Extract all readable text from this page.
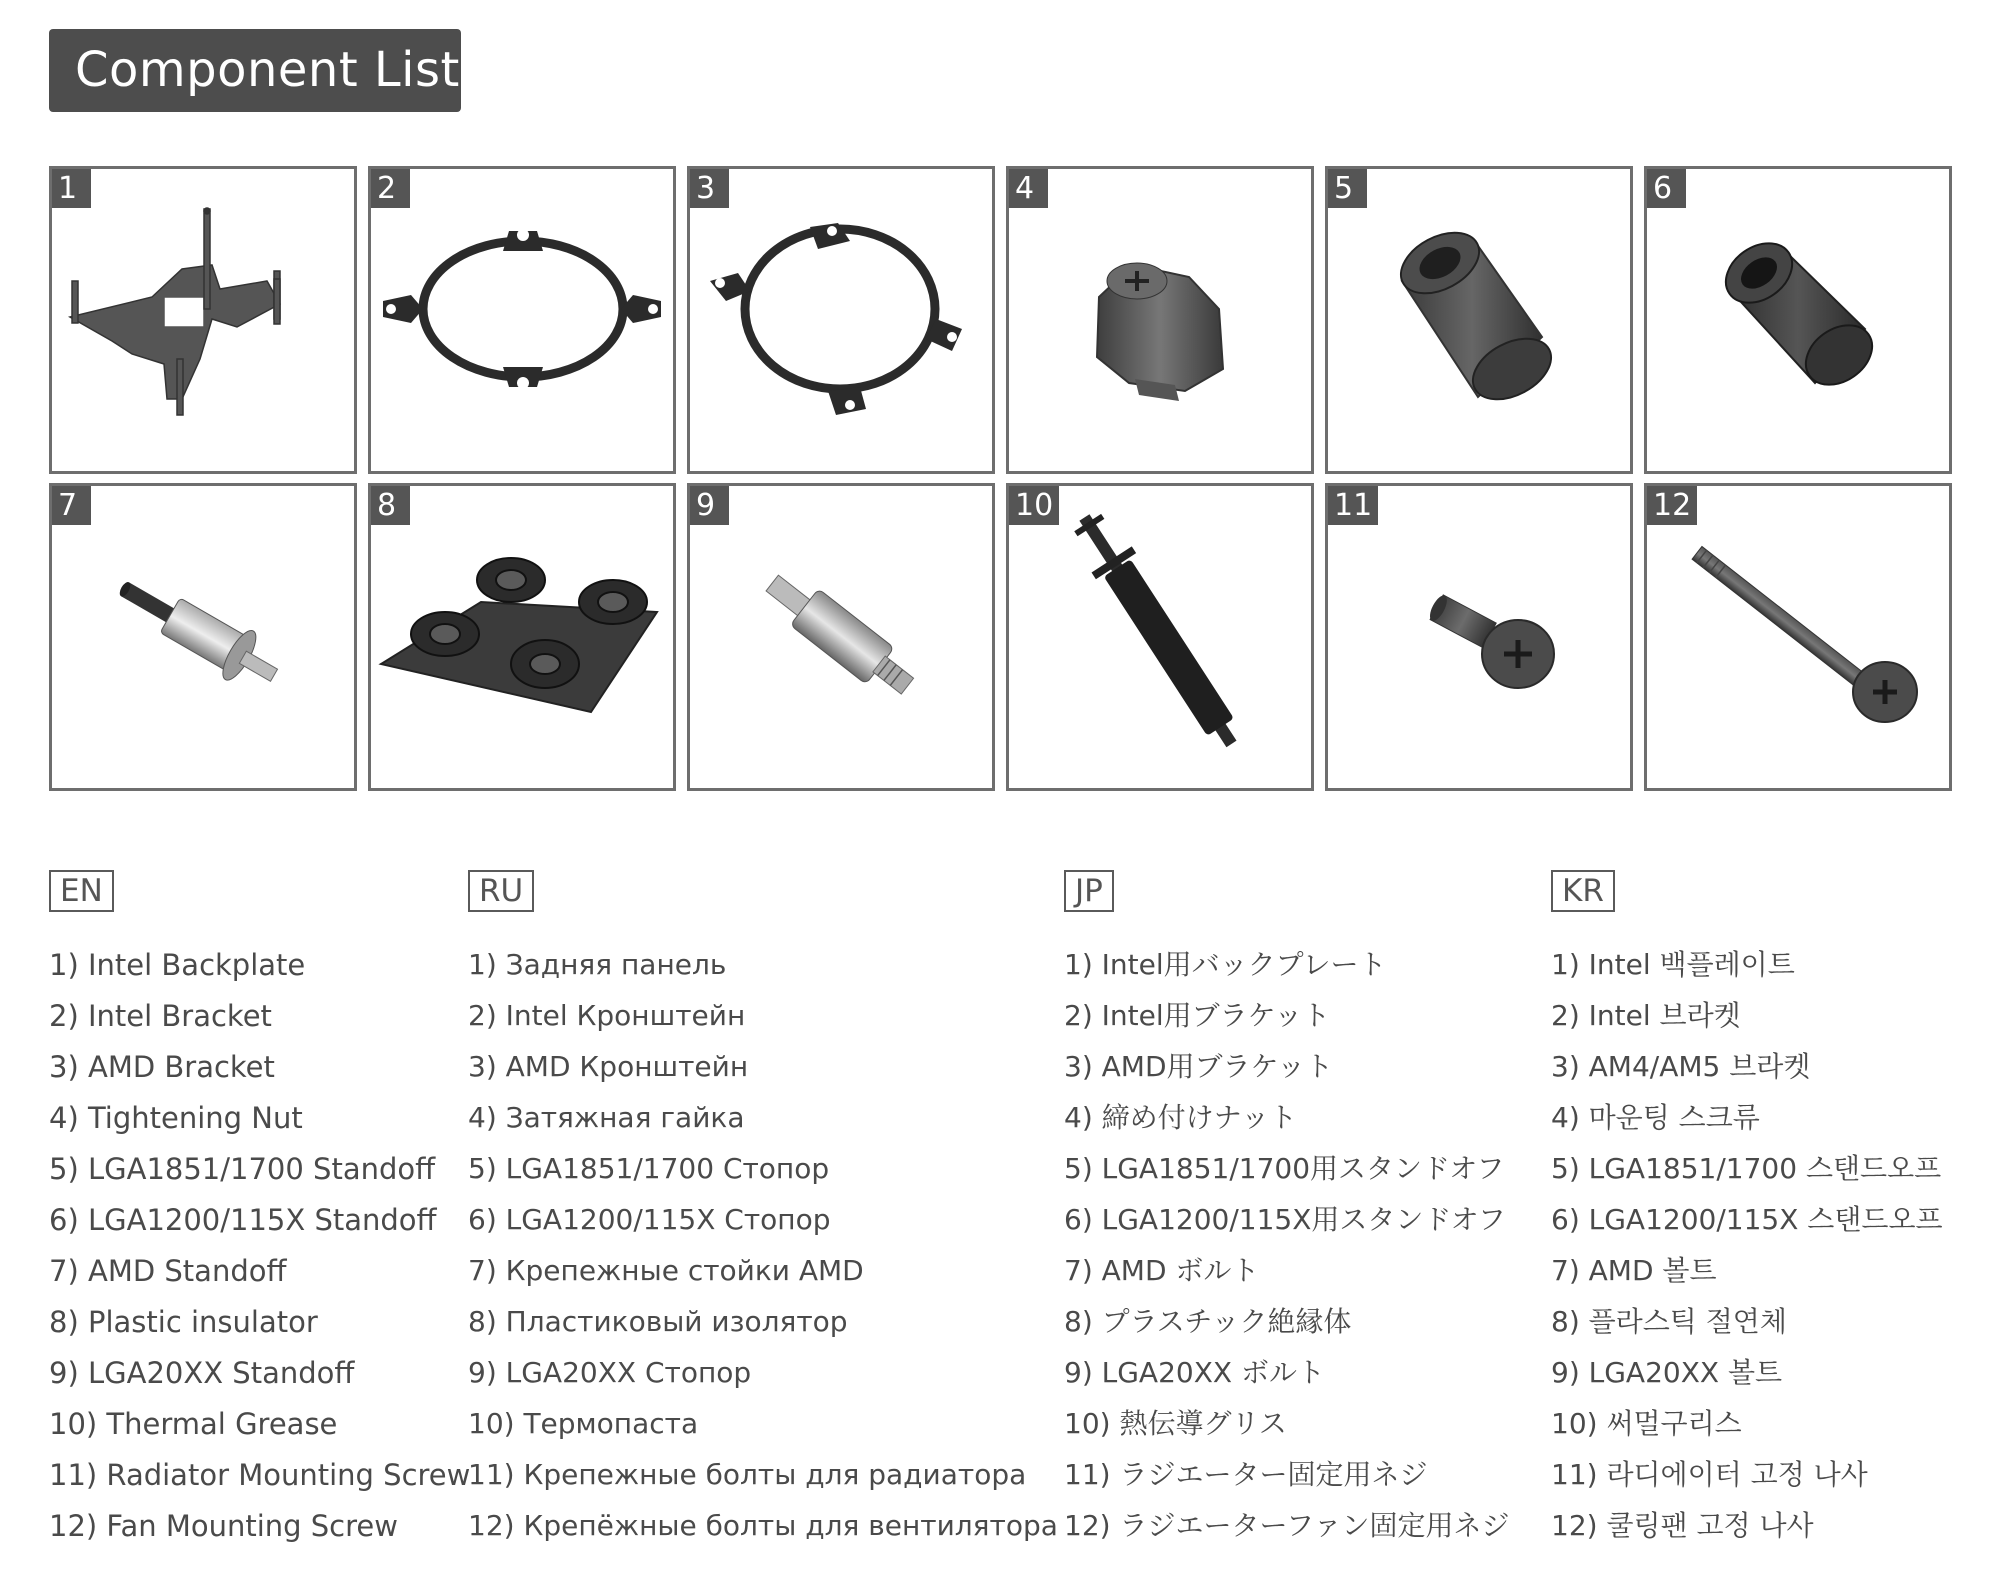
Component List
1	2	3	4	5	6
7	8	9	10	11	12
EN
1) Intel Backplate
2) Intel Bracket
3) AMD Bracket
4) Tightening Nut
5) LGA1851/1700 Standoff
6) LGA1200/115X Standoff
7) AMD Standoff
8) Plastic insulator
9) LGA20XX Standoff
10) Thermal Grease
11) Radiator Mounting Screw
12) Fan Mounting Screw
RU
1) Задняя панель
2) Intel Кронштейн
3) AMD Кронштейн
4) Затяжная гайка
5) LGA1851/1700 Стопор
6) LGA1200/115X Стопор
7) Крепежные стойки AMD
8) Пластиковый изолятор
9) LGA20XX Стопор
10) Термопаста
11) Крепежные болты для радиатора
12) Крепёжные болты для вентилятора
JP
1) Intel用バックプレート
2) Intel用ブラケット
3) AMD用ブラケット
4) 締め付けナット
5) LGA1851/1700用スタンドオフ
6) LGA1200/115X用スタンドオフ
7) AMD ボルト
8) プラスチック絶縁体
9) LGA20XX ボルト
10) 熱伝導グリス
11) ラジエーター固定用ネジ
12) ラジエーターファン固定用ネジ
KR
1) Intel 백플레이트
2) Intel 브라켓
3) AM4/AM5 브라켓
4) 마운팅 스크류
5) LGA1851/1700 스탠드오프
6) LGA1200/115X 스탠드오프
7) AMD 볼트
8) 플라스틱 절연체
9) LGA20XX 볼트
10) 써멀구리스
11) 라디에이터 고정 나사
12) 쿨링팬 고정 나사
